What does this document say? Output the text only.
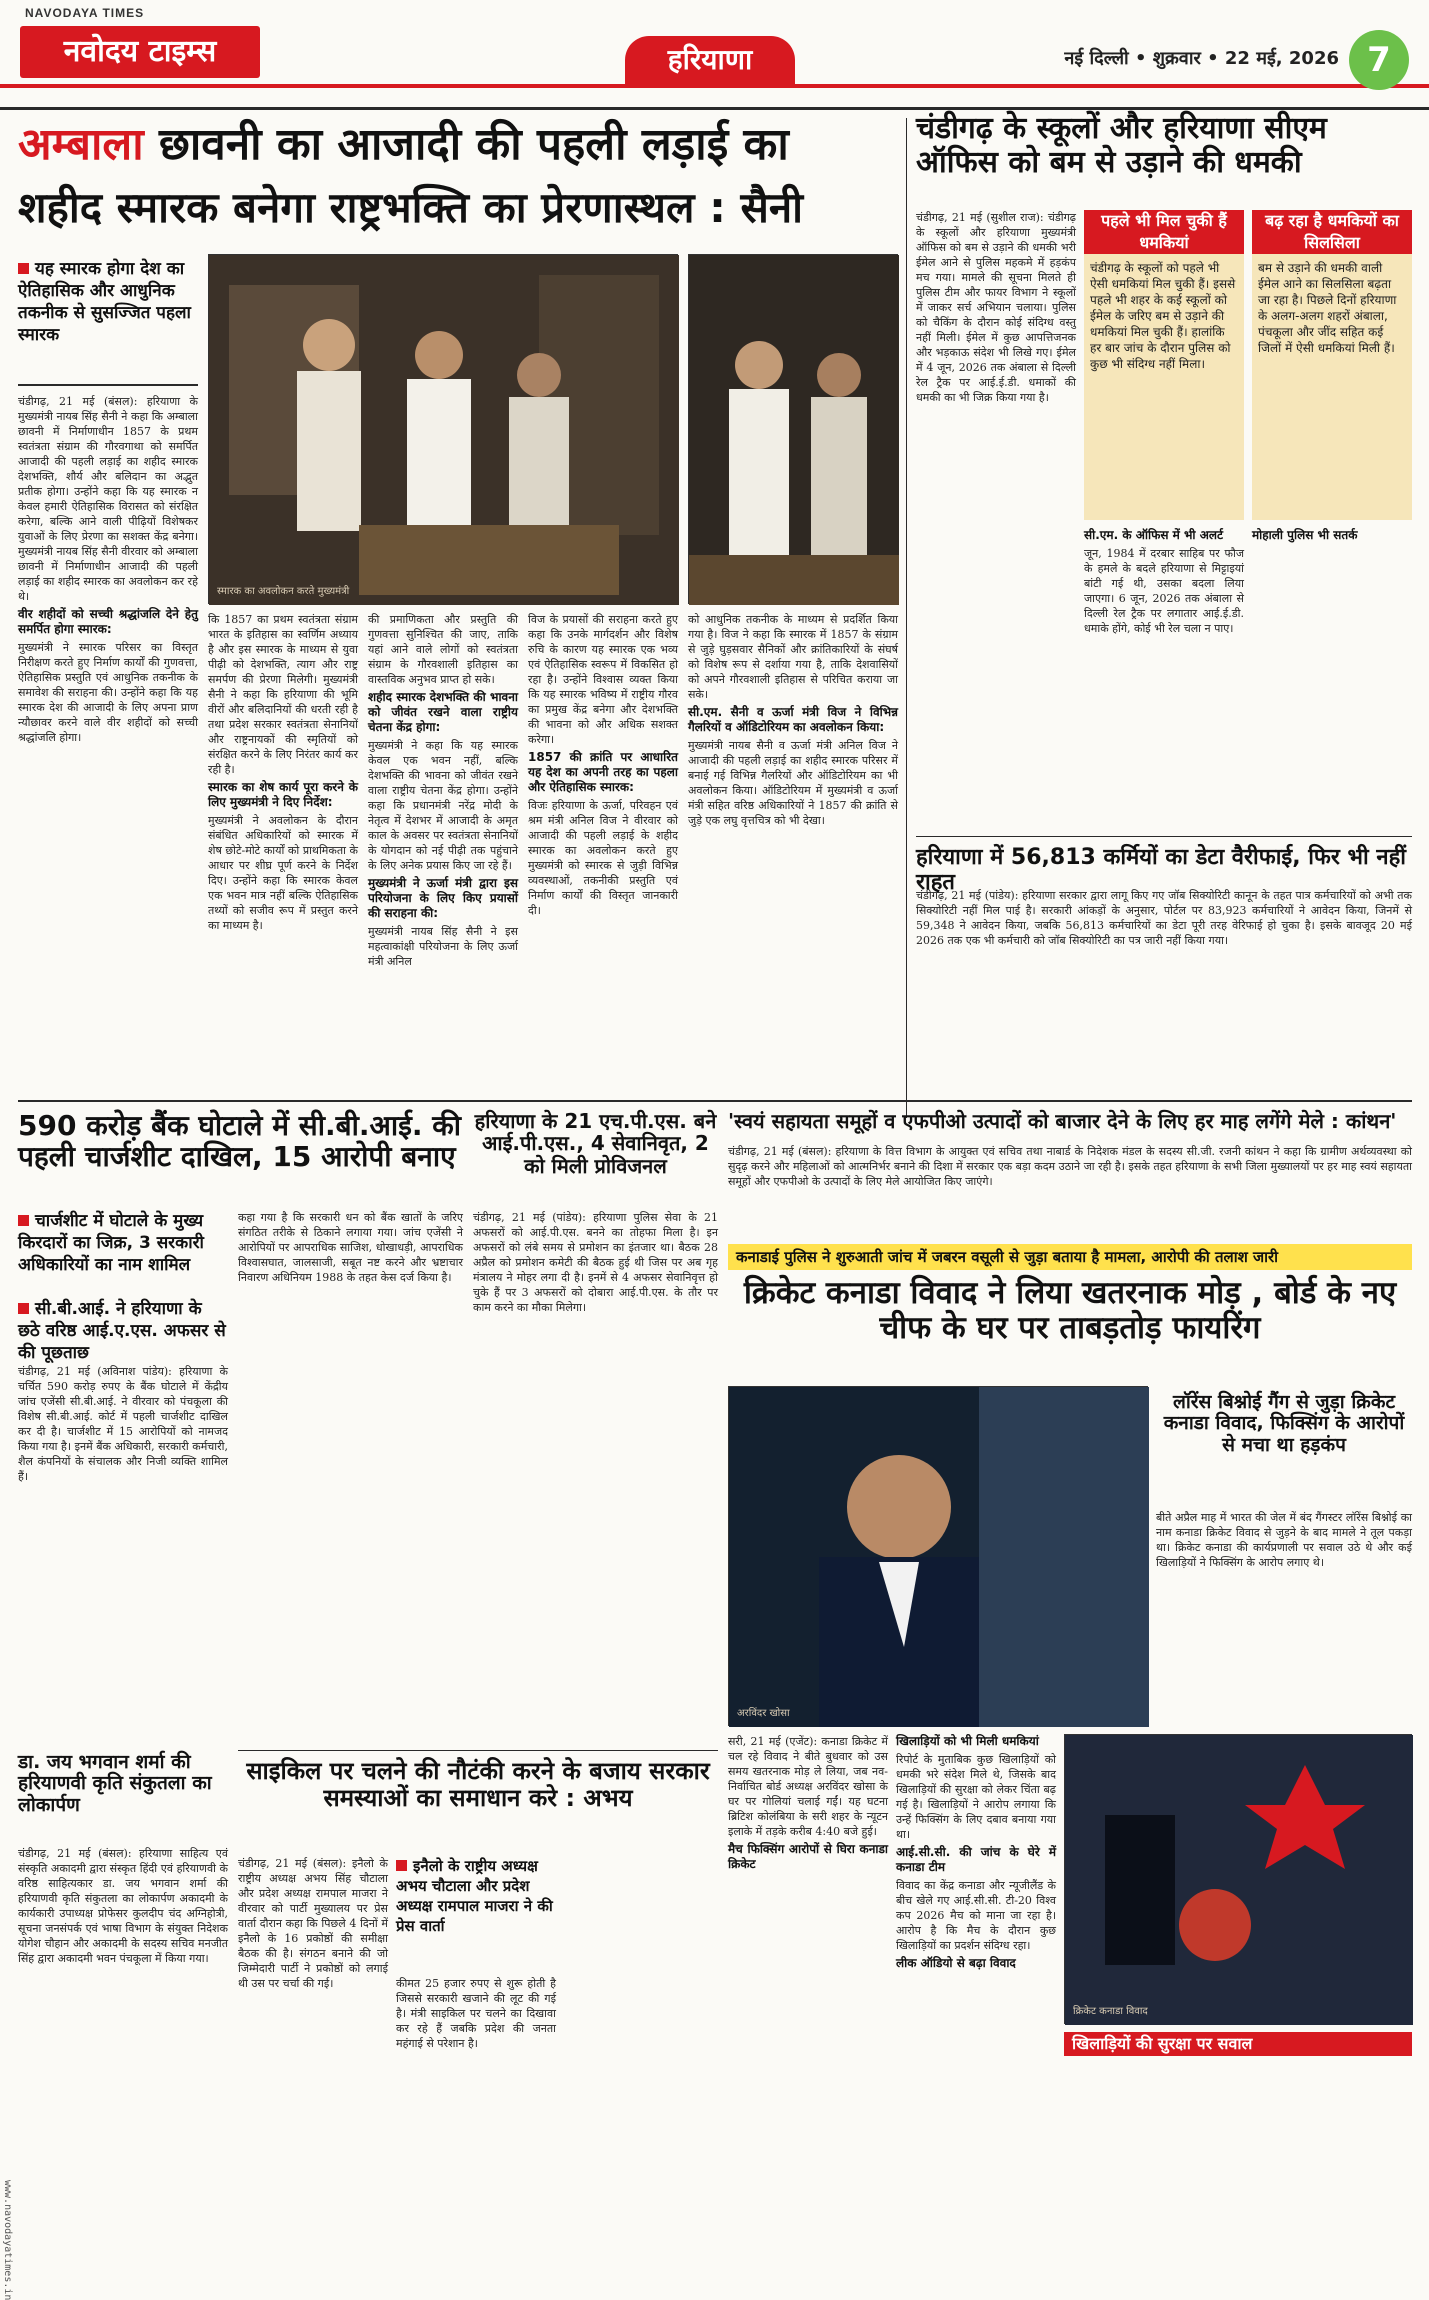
NAVODAYA TIMES
नवोदय टाइम्स	हरियाणा	नई दिल्ली • शुक्रवार • 22 मई, 2026 7
अम्बाला छावनी का आजादी की पहली लड़ाई का
शहीद स्मारक बनेगा राष्ट्रभक्ति का प्रेरणास्थल : सैनी
यह स्मारक होगा देश का ऐतिहासिक और आधुनिक तकनीक से सुसज्जित पहला स्मारक
स्मारक का अवलोकन करते मुख्यमंत्री

चंडीगढ़, 21 मई (बंसल): हरियाणा के मुख्यमंत्री नायब सिंह सैनी ने कहा कि अम्बाला छावनी में निर्माणाधीन 1857 के प्रथम स्वतंत्रता संग्राम की गौरवगाथा को समर्पित आजादी की पहली लड़ाई का शहीद स्मारक देशभक्ति, शौर्य और बलिदान का अद्भुत प्रतीक होगा। उन्होंने कहा कि यह स्मारक न केवल हमारी ऐतिहासिक विरासत को संरक्षित करेगा, बल्कि आने वाली पीढ़ियों विशेषकर युवाओं के लिए प्रेरणा का सशक्त केंद्र बनेगा। मुख्यमंत्री नायब सिंह सैनी वीरवार को अम्बाला छावनी में निर्माणाधीन आजादी की पहली लड़ाई का शहीद स्मारक का अवलोकन कर रहे थे।

वीर शहीदों को सच्ची श्रद्धांजलि देने हेतु समर्पित होगा स्मारक:

मुख्यमंत्री ने स्मारक परिसर का विस्तृत निरीक्षण करते हुए निर्माण कार्यों की गुणवत्ता, ऐतिहासिक प्रस्तुति एवं आधुनिक तकनीक के समावेश की सराहना की। उन्होंने कहा कि यह स्मारक देश की आजादी के लिए अपना प्राण न्यौछावर करने वाले वीर शहीदों को सच्ची श्रद्धांजलि होगा।

कि 1857 का प्रथम स्वतंत्रता संग्राम भारत के इतिहास का स्वर्णिम अध्याय है और इस स्मारक के माध्यम से युवा पीढ़ी को देशभक्ति, त्याग और राष्ट्र समर्पण की प्रेरणा मिलेगी। मुख्यमंत्री सैनी ने कहा कि हरियाणा की भूमि वीरों और बलिदानियों की धरती रही है तथा प्रदेश सरकार स्वतंत्रता सेनानियों और राष्ट्रनायकों की स्मृतियों को संरक्षित करने के लिए निरंतर कार्य कर रही है।

स्मारक का शेष कार्य पूरा करने के लिए मुख्यमंत्री ने दिए निर्देश:

मुख्यमंत्री ने अवलोकन के दौरान संबंधित अधिकारियों को स्मारक में शेष छोटे-मोटे कार्यों को प्राथमिकता के आधार पर शीघ्र पूर्ण करने के निर्देश दिए। उन्होंने कहा कि स्मारक केवल एक भवन मात्र नहीं बल्कि ऐतिहासिक तथ्यों को सजीव रूप में प्रस्तुत करने का माध्यम है।

की प्रमाणिकता और प्रस्तुति की गुणवत्ता सुनिश्चित की जाए, ताकि यहां आने वाले लोगों को स्वतंत्रता संग्राम के गौरवशाली इतिहास का वास्तविक अनुभव प्राप्त हो सके।

शहीद स्मारक देशभक्ति की भावना को जीवंत रखने वाला राष्ट्रीय चेतना केंद्र होगा:

मुख्यमंत्री ने कहा कि यह स्मारक केवल एक भवन नहीं, बल्कि देशभक्ति की भावना को जीवंत रखने वाला राष्ट्रीय चेतना केंद्र होगा। उन्होंने कहा कि प्रधानमंत्री नरेंद्र मोदी के नेतृत्व में देशभर में आजादी के अमृत काल के अवसर पर स्वतंत्रता सेनानियों के योगदान को नई पीढ़ी तक पहुंचाने के लिए अनेक प्रयास किए जा रहे हैं।

मुख्यमंत्री ने ऊर्जा मंत्री द्वारा इस परियोजना के लिए किए प्रयासों की सराहना की:

मुख्यमंत्री नायब सिंह सैनी ने इस महत्वाकांक्षी परियोजना के लिए ऊर्जा मंत्री अनिल

विज के प्रयासों की सराहना करते हुए कहा कि उनके मार्गदर्शन और विशेष रुचि के कारण यह स्मारक एक भव्य एवं ऐतिहासिक स्वरूप में विकसित हो रहा है। उन्होंने विश्वास व्यक्त किया कि यह स्मारक भविष्य में राष्ट्रीय गौरव का प्रमुख केंद्र बनेगा और देशभक्ति की भावना को और अधिक सशक्त करेगा।

1857 की क्रांति पर आधारित यह देश का अपनी तरह का पहला और ऐतिहासिक स्मारक:

विजः हरियाणा के ऊर्जा, परिवहन एवं श्रम मंत्री अनिल विज ने वीरवार को आजादी की पहली लड़ाई के शहीद स्मारक का अवलोकन करते हुए मुख्यमंत्री को स्मारक से जुड़ी विभिन्न व्यवस्थाओं, तकनीकी प्रस्तुति एवं निर्माण कार्यों की विस्तृत जानकारी दी।

को आधुनिक तकनीक के माध्यम से प्रदर्शित किया गया है। विज ने कहा कि स्मारक में 1857 के संग्राम से जुड़े घुड़सवार सैनिकों और क्रांतिकारियों के संघर्ष को विशेष रूप से दर्शाया गया है, ताकि देशवासियों को अपने गौरवशाली इतिहास से परिचित कराया जा सके।

सी.एम. सैनी व ऊर्जा मंत्री विज ने विभिन्न गैलरियों व ऑडिटोरियम का अवलोकन किया:

मुख्यमंत्री नायब सैनी व ऊर्जा मंत्री अनिल विज ने आजादी की पहली लड़ाई का शहीद स्मारक परिसर में बनाई गई विभिन्न गैलरियों और ऑडिटोरियम का भी अवलोकन किया। ऑडिटोरियम में मुख्यमंत्री व ऊर्जा मंत्री सहित वरिष्ठ अधिकारियों ने 1857 की क्रांति से जुड़े एक लघु वृत्तचित्र को भी देखा।

चंडीगढ़ के स्कूलों और हरियाणा सीएम ऑफिस को बम से उड़ाने की धमकी

चंडीगढ़, 21 मई (सुशील राज): चंडीगढ़ के स्कूलों और हरियाणा मुख्यमंत्री ऑफिस को बम से उड़ाने की धमकी भरी ईमेल आने से पुलिस महकमे में हड़कंप मच गया। मामले की सूचना मिलते ही पुलिस टीम और फायर विभाग ने स्कूलों में जाकर सर्च अभियान चलाया। पुलिस को चैकिंग के दौरान कोई संदिग्ध वस्तु नहीं मिली। ईमेल में कुछ आपत्तिजनक और भड़काऊ संदेश भी लिखे गए। ईमेल में 4 जून, 2026 तक अंबाला से दिल्ली रेल ट्रैक पर आई.ई.डी. धमाकों की धमकी का भी जिक्र किया गया है।

पहले भी मिल चुकी हैं धमकियां
चंडीगढ़ के स्कूलों को पहले भी ऐसी धमकियां मिल चुकी हैं। इससे पहले भी शहर के कई स्कूलों को ईमेल के जरिए बम से उड़ाने की धमकियां मिल चुकी हैं। हालांकि हर बार जांच के दौरान पुलिस को कुछ भी संदिग्ध नहीं मिला।
बढ़ रहा है धमकियों का सिलसिला
बम से उड़ाने की धमकी वाली ईमेल आने का सिलसिला बढ़ता जा रहा है। पिछले दिनों हरियाणा के अलग-अलग शहरों अंबाला, पंचकूला और जींद सहित कई जिलों में ऐसी धमकियां मिली हैं।

सी.एम. के ऑफिस में भी अलर्ट

जून, 1984 में दरबार साहिब पर फौज के हमले के बदले हरियाणा से मिट्टाइयां बांटी गई थी, उसका बदला लिया जाएगा। 6 जून, 2026 तक अंबाला से दिल्ली रेल ट्रैक पर लगातार आई.ई.डी. धमाके होंगे, कोई भी रेल चला न पाए।

मोहाली पुलिस भी सतर्क

हरियाणा में 56,813 कर्मियों का डेटा वैरीफाई, फिर भी नहीं राहत
चंडीगढ़, 21 मई (पांडेय): हरियाणा सरकार द्वारा लागू किए गए जॉब सिक्योरिटी कानून के तहत पात्र कर्मचारियों को अभी तक सिक्योरिटी नहीं मिल पाई है। सरकारी आंकड़ों के अनुसार, पोर्टल पर 83,923 कर्मचारियों ने आवेदन किया, जिनमें से 59,348 ने आवेदन किया, जबकि 56,813 कर्मचारियों का डेटा पूरी तरह वेरिफाई हो चुका है। इसके बावजूद 20 मई 2026 तक एक भी कर्मचारी को जॉब सिक्योरिटी का पत्र जारी नहीं किया गया।
590 करोड़ बैंक घोटाले में सी.बी.आई. की पहली चार्जशीट दाखिल, 15 आरोपी बनाए
चार्जशीट में घोटाले के मुख्य किरदारों का जिक्र, 3 सरकारी अधिकारियों का नाम शामिल
सी.बी.आई. ने हरियाणा के छठे वरिष्ठ आई.ए.एस. अफसर से की पूछताछ
चंडीगढ़, 21 मई (अविनाश पांडेय): हरियाणा के चर्चित 590 करोड़ रुपए के बैंक घोटाले में केंद्रीय जांच एजेंसी सी.बी.आई. ने वीरवार को पंचकूला की विशेष सी.बी.आई. कोर्ट में पहली चार्जशीट दाखिल कर दी है। चार्जशीट में 15 आरोपियों को नामजद किया गया है। इनमें बैंक अधिकारी, सरकारी कर्मचारी, शैल कंपनियों के संचालक और निजी व्यक्ति शामिल हैं।
कहा गया है कि सरकारी धन को बैंक खातों के जरिए संगठित तरीके से ठिकाने लगाया गया। जांच एजेंसी ने आरोपियों पर आपराधिक साजिश, धोखाधड़ी, आपराधिक विश्वासघात, जालसाजी, सबूत नष्ट करने और भ्रष्टाचार निवारण अधिनियम 1988 के तहत केस दर्ज किया है।
हरियाणा के 21 एच.पी.एस. बने आई.पी.एस., 4 सेवानिवृत, 2 को मिली प्रोविजनल
चंडीगढ़, 21 मई (पांडेय): हरियाणा पुलिस सेवा के 21 अफसरों को आई.पी.एस. बनने का तोहफा मिला है। इन अफसरों को लंबे समय से प्रमोशन का इंतजार था। बैठक 28 अप्रैल को प्रमोशन कमेटी की बैठक हुई थी जिस पर अब गृह मंत्रालय ने मोहर लगा दी है। इनमें से 4 अफसर सेवानिवृत्त हो चुके हैं पर 3 अफसरों को दोबारा आई.पी.एस. के तौर पर काम करने का मौका मिलेगा।
'स्वयं सहायता समूहों व एफपीओ उत्पादों को बाजार देने के लिए हर माह लगेंगे मेले : कांथन'
चंडीगढ़, 21 मई (बंसल): हरियाणा के वित्त विभाग के आयुक्त एवं सचिव तथा नाबार्ड के निदेशक मंडल के सदस्य सी.जी. रजनी कांथन ने कहा कि ग्रामीण अर्थव्यवस्था को सुदृढ़ करने और महिलाओं को आत्मनिर्भर बनाने की दिशा में सरकार एक बड़ा कदम उठाने जा रही है। इसके तहत हरियाणा के सभी जिला मुख्यालयों पर हर माह स्वयं सहायता समूहों और एफपीओ के उत्पादों के लिए मेले आयोजित किए जाएंगे।
कनाडाई पुलिस ने शुरुआती जांच में जबरन वसूली से जुड़ा बताया है मामला, आरोपी की तलाश जारी
क्रिकेट कनाडा विवाद ने लिया खतरनाक मोड़ , बोर्ड के नए चीफ के घर पर ताबड़तोड़ फायरिंग
अरविंदर खोसा
लॉरेंस बिश्नोई गैंग से जुड़ा क्रिकेट कनाडा विवाद, फिक्सिंग के आरोपों से मचा था हड़कंप
बीते अप्रैल माह में भारत की जेल में बंद गैंगस्टर लॉरेंस बिश्नोई का नाम कनाडा क्रिकेट विवाद से जुड़ने के बाद मामले ने तूल पकड़ा था। क्रिकेट कनाडा की कार्यप्रणाली पर सवाल उठे थे और कई खिलाड़ियों ने फिक्सिंग के आरोप लगाए थे।

सरी, 21 मई (एजेंट): कनाडा क्रिकेट में चल रहे विवाद ने बीते बुधवार को उस समय खतरनाक मोड़ ले लिया, जब नव-निर्वाचित बोर्ड अध्यक्ष अरविंदर खोसा के घर पर गोलियां चलाई गईं। यह घटना ब्रिटिश कोलंबिया के सरी शहर के न्यूटन इलाके में तड़के करीब 4:40 बजे हुई।

मैच फिक्सिंग आरोपों से घिरा कनाडा क्रिकेट

खिलाड़ियों को भी मिली धमकियां

रिपोर्ट के मुताबिक कुछ खिलाड़ियों को धमकी भरे संदेश मिले थे, जिसके बाद खिलाड़ियों की सुरक्षा को लेकर चिंता बढ़ गई है। खिलाड़ियों ने आरोप लगाया कि उन्हें फिक्सिंग के लिए दबाव बनाया गया था।

आई.सी.सी. की जांच के घेरे में कनाडा टीम

विवाद का केंद्र कनाडा और न्यूजीलैंड के बीच खेले गए आई.सी.सी. टी-20 विश्व कप 2026 मैच को माना जा रहा है। आरोप है कि मैच के दौरान कुछ खिलाड़ियों का प्रदर्शन संदिग्ध रहा।

लीक ऑडियो से बढ़ा विवाद

क्रिकेट कनाडा विवाद
खिलाड़ियों की सुरक्षा पर सवाल
डा. जय भगवान शर्मा की हरियाणवी कृति संकुतला का लोकार्पण
चंडीगढ़, 21 मई (बंसल): हरियाणा साहित्य एवं संस्कृति अकादमी द्वारा संस्कृत हिंदी एवं हरियाणवी के वरिष्ठ साहित्यकार डा. जय भगवान शर्मा की हरियाणवी कृति संकुतला का लोकार्पण अकादमी के कार्यकारी उपाध्यक्ष प्रोफेसर कुलदीप चंद अग्निहोत्री, सूचना जनसंपर्क एवं भाषा विभाग के संयुक्त निदेशक योगेश चौहान और अकादमी के सदस्य सचिव मनजीत सिंह द्वारा अकादमी भवन पंचकूला में किया गया।
साइकिल पर चलने की नौटंकी करने के बजाय सरकार समस्याओं का समाधान करे : अभय
चंडीगढ़, 21 मई (बंसल): इनैलो के राष्ट्रीय अध्यक्ष अभय सिंह चौटाला और प्रदेश अध्यक्ष रामपाल माजरा ने वीरवार को पार्टी मुख्यालय पर प्रेस वार्ता दौरान कहा कि पिछले 4 दिनों में इनैलो के 16 प्रकोष्ठों की समीक्षा बैठक की है। संगठन बनाने की जो जिम्मेदारी पार्टी ने प्रकोष्ठों को लगाई थी उस पर चर्चा की गई।
इनैलो के राष्ट्रीय अध्यक्ष अभय चौटाला और प्रदेश अध्यक्ष रामपाल माजरा ने की प्रेस वार्ता
कीमत 25 हजार रुपए से शुरू होती है जिससे सरकारी खजाने की लूट की गई है। मंत्री साइकिल पर चलने का दिखावा कर रहे हैं जबकि प्रदेश की जनता महंगाई से परेशान है।
www.navodayatimes.in
